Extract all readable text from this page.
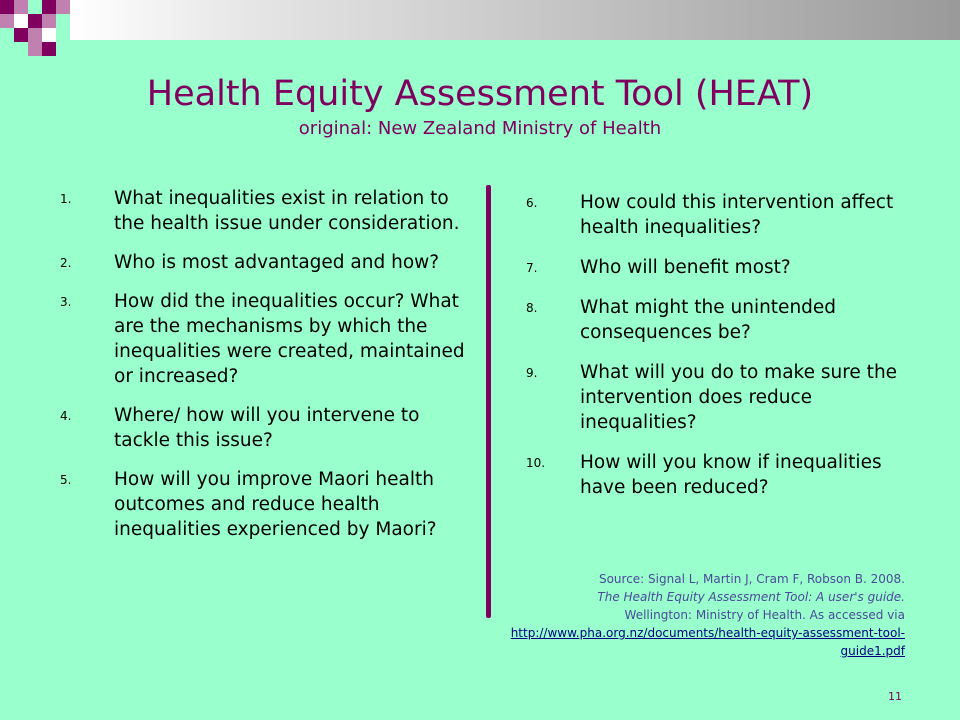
Health Equity Assessment Tool (HEAT)
original: New Zealand Ministry of Health
1. What inequalities exist in relation to the health issue under consideration.
2. Who is most advantaged and how?
3. How did the inequalities occur? What are the mechanisms by which the inequalities were created, maintained or increased?
4. Where/ how will you intervene to tackle this issue?
5. How will you improve Maori health outcomes and reduce health inequalities experienced by Maori?
6. How could this intervention affect health inequalities?
7. Who will benefit most?
8. What might the unintended consequences be?
9. What will you do to make sure the intervention does reduce inequalities?
10. How will you know if inequalities have been reduced?
Source: Signal L, Martin J, Cram F, Robson B. 2008.
The Health Equity Assessment Tool: A user's guide.
Wellington: Ministry of Health. As accessed via
http://www.pha.org.nz/documents/health-equity-assessment-tool-guide1.pdf
11
